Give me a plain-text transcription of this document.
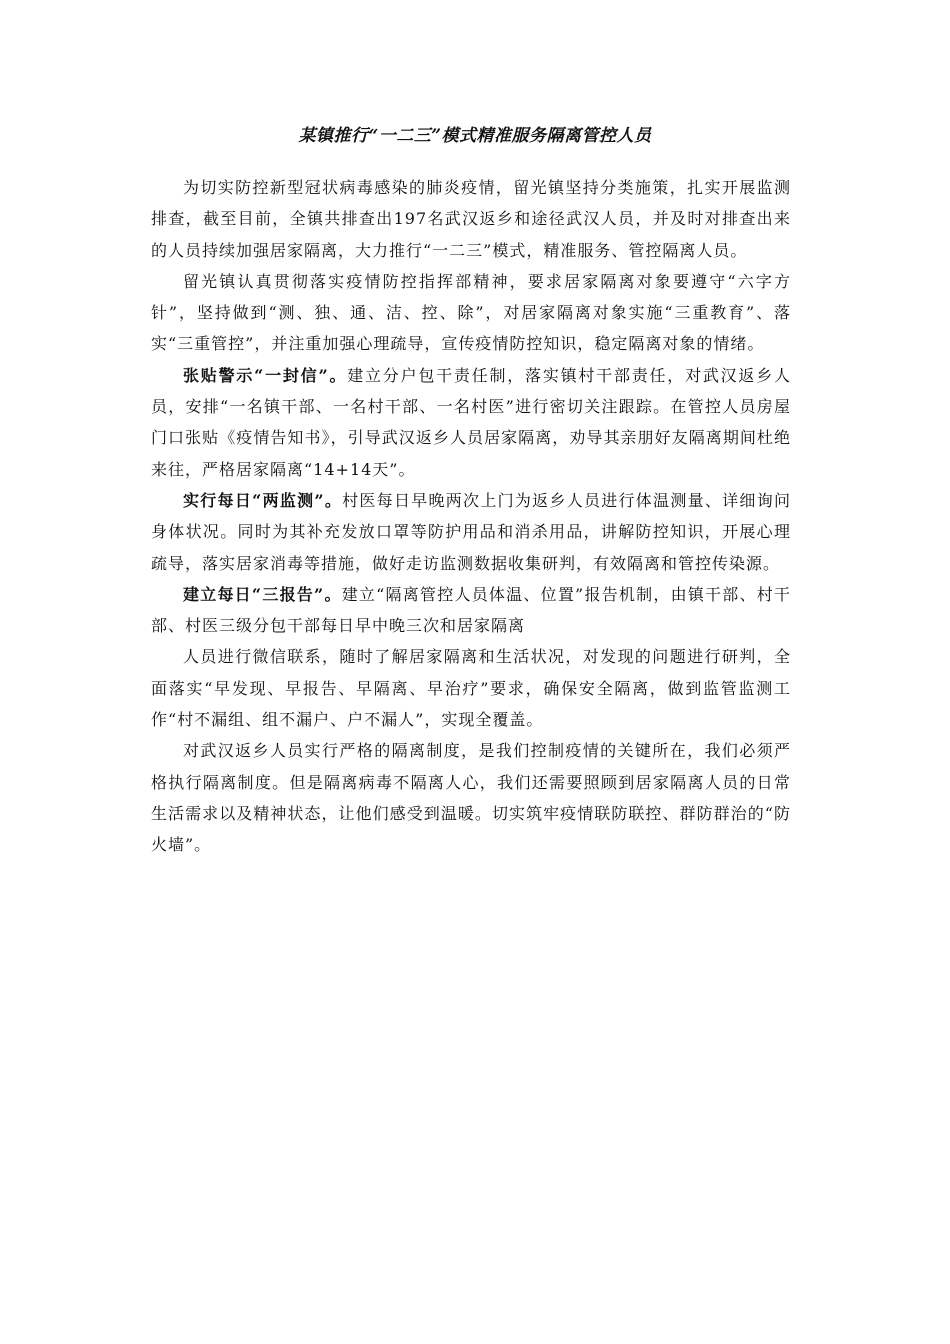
某镇推行“一二三”模式精准服务隔离管控人员

为切实防控新型冠状病毒感染的肺炎疫情，留光镇坚持分类施策，扎实开展监测排查，截至目前，全镇共排查出197名武汉返乡和途径武汉人员，并及时对排查出来的人员持续加强居家隔离，大力推行“一二三”模式，精准服务、管控隔离人员。

留光镇认真贯彻落实疫情防控指挥部精神，要求居家隔离对象要遵守“六字方针”，坚持做到“测、独、通、洁、控、除”，对居家隔离对象实施“三重教育”、落实“三重管控”，并注重加强心理疏导，宣传疫情防控知识，稳定隔离对象的情绪。

张贴警示“一封信”。建立分户包干责任制，落实镇村干部责任，对武汉返乡人员，安排“一名镇干部、一名村干部、一名村医”进行密切关注跟踪。在管控人员房屋门口张贴《疫情告知书》，引导武汉返乡人员居家隔离，劝导其亲朋好友隔离期间杜绝来往，严格居家隔离“14+14天”。

实行每日“两监测”。村医每日早晚两次上门为返乡人员进行体温测量、详细询问身体状况。同时为其补充发放口罩等防护用品和消杀用品，讲解防控知识，开展心理疏导，落实居家消毒等措施，做好走访监测数据收集研判，有效隔离和管控传染源。

建立每日“三报告”。建立“隔离管控人员体温、位置”报告机制，由镇干部、村干部、村医三级分包干部每日早中晚三次和居家隔离

人员进行微信联系，随时了解居家隔离和生活状况，对发现的问题进行研判，全面落实“早发现、早报告、早隔离、早治疗”要求，确保安全隔离，做到监管监测工作“村不漏组、组不漏户、户不漏人”，实现全覆盖。

对武汉返乡人员实行严格的隔离制度，是我们控制疫情的关键所在，我们必须严格执行隔离制度。但是隔离病毒不隔离人心，我们还需要照顾到居家隔离人员的日常生活需求以及精神状态，让他们感受到温暖。切实筑牢疫情联防联控、群防群治的“防火墙”。
